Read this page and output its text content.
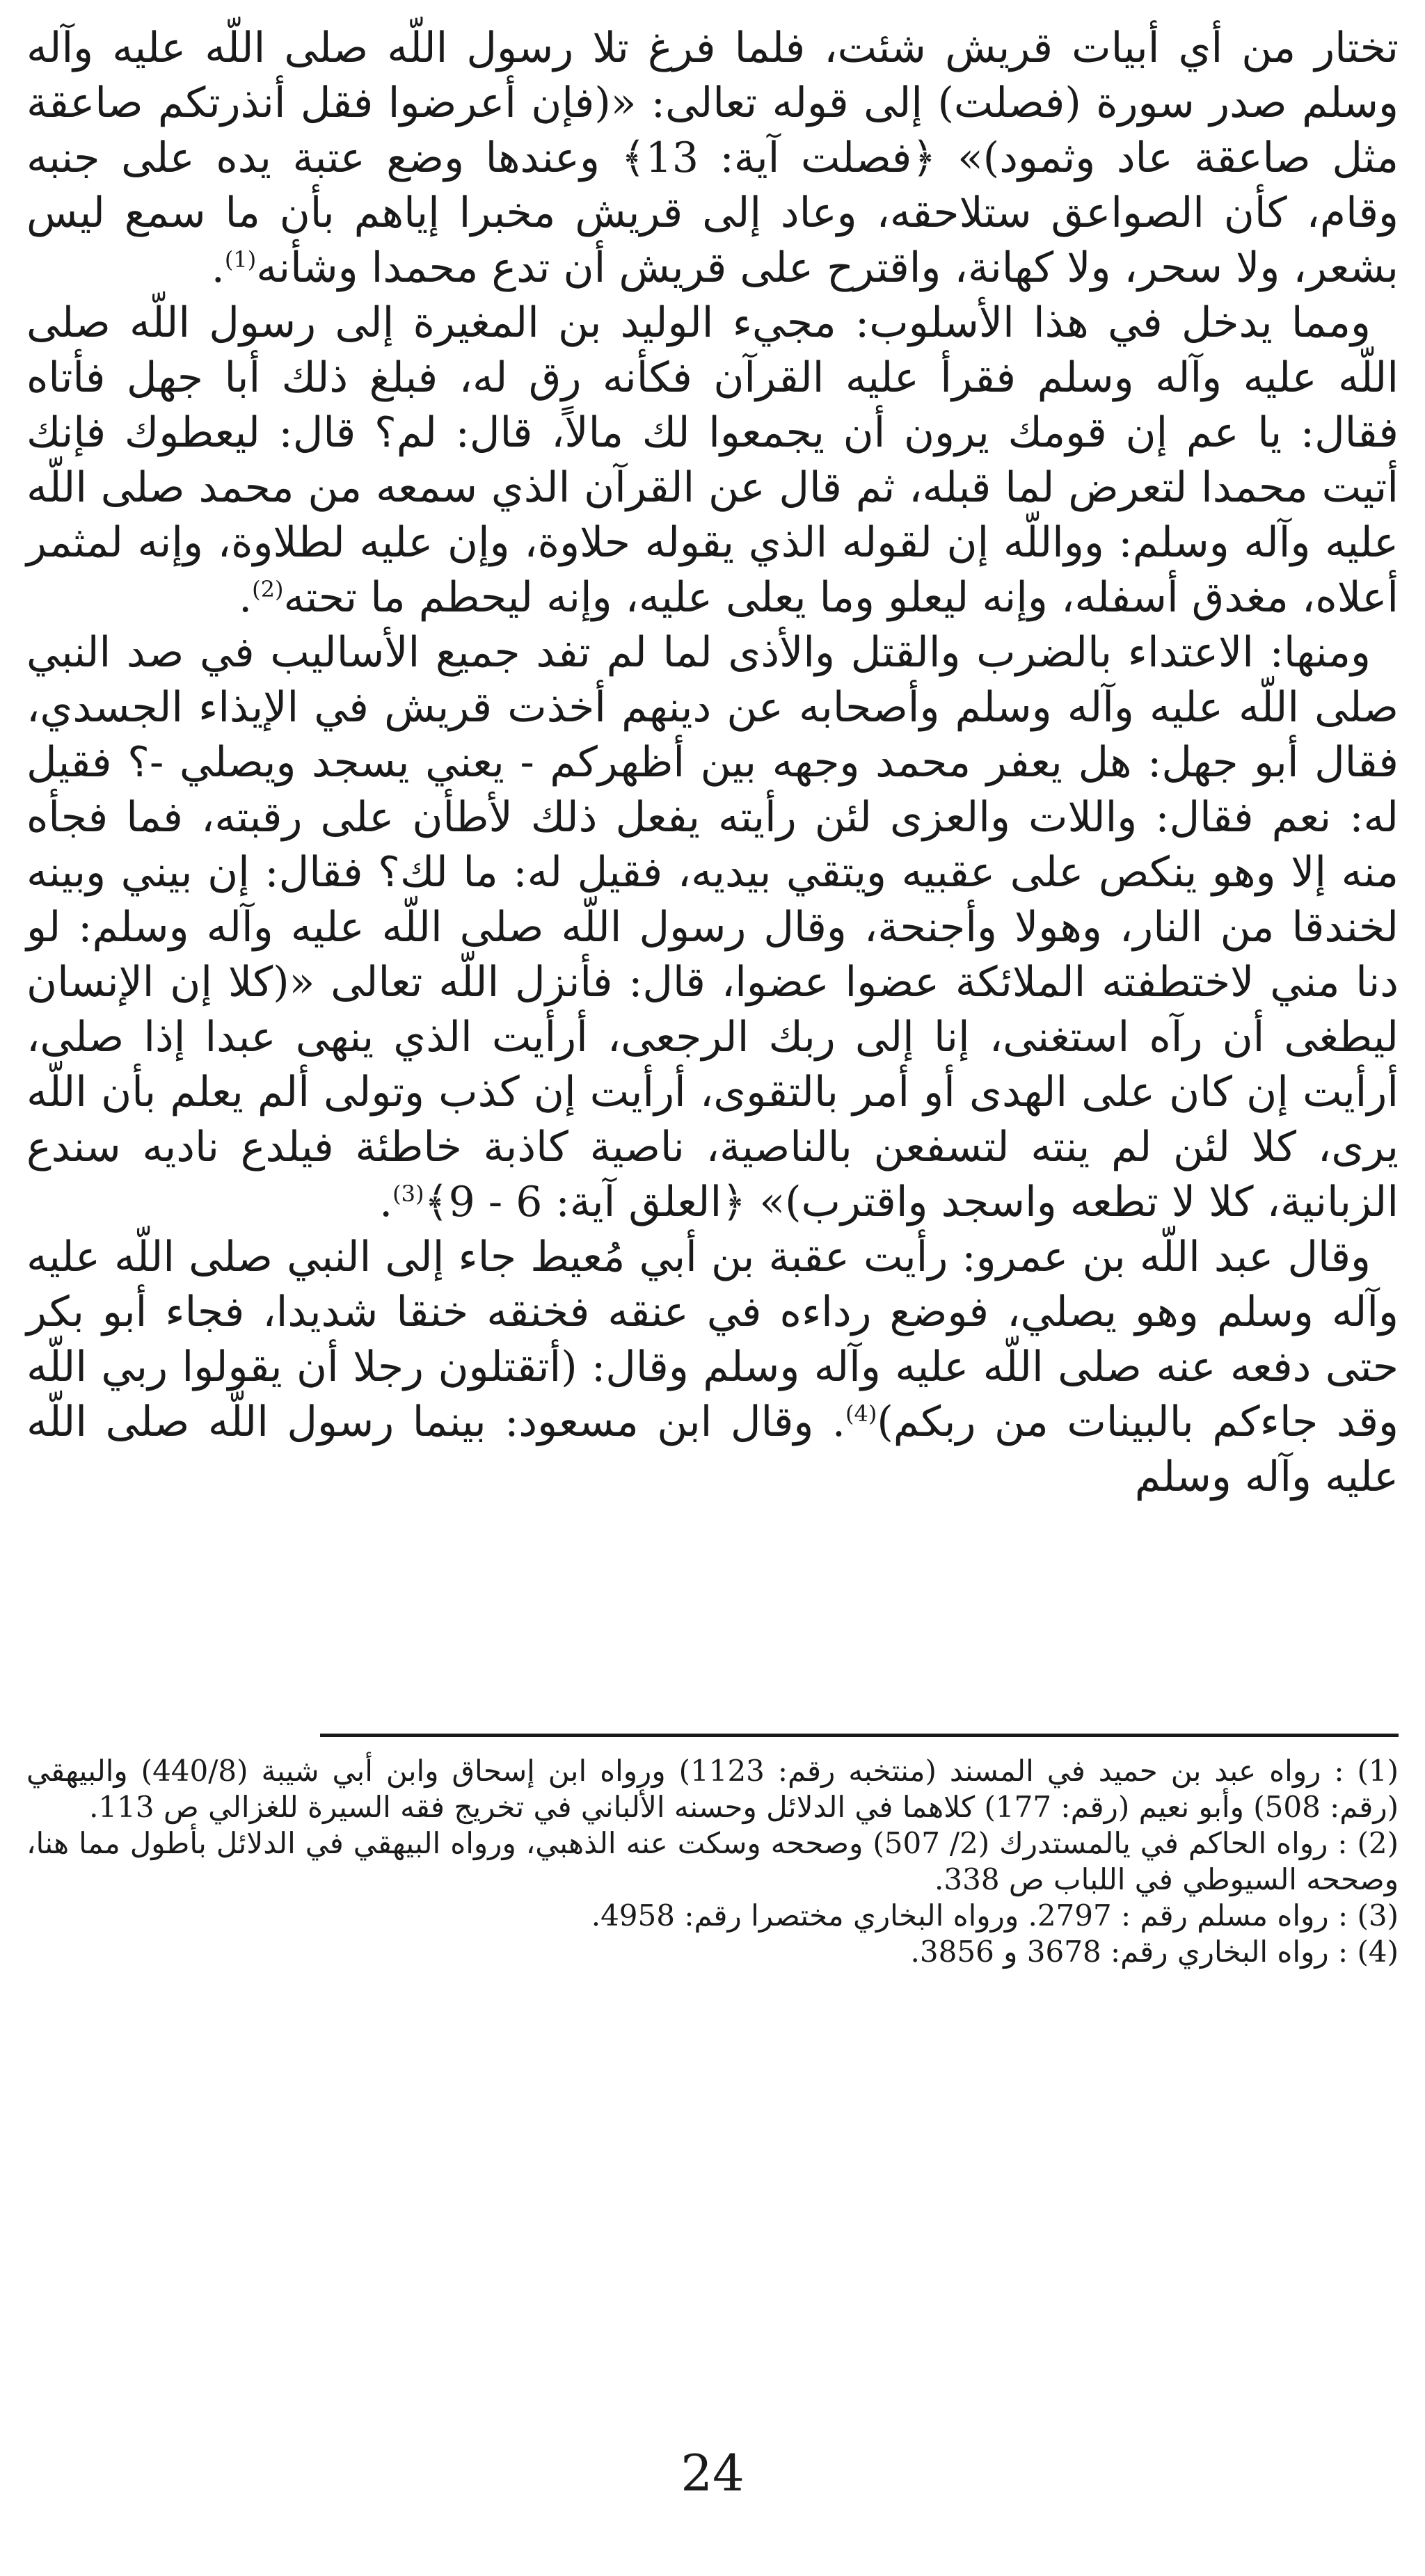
تختار من أي أبيات قريش شئت، فلما فرغ تلا رسول اللّه صلى اللّه عليه وآله وسلم صدر سورة (فصلت) إلى قوله تعالى: «(فإن أعرضوا فقل أنذرتكم صاعقة مثل صاعقة عاد وثمود)» ﴿فصلت آية: 13﴾ وعندها وضع عتبة يده على جنبه وقام، كأن الصواعق ستلاحقه، وعاد إلى قريش مخبرا إياهم بأن ما سمع ليس بشعر، ولا سحر، ولا كهانة، واقترح على قريش أن تدع محمدا وشأنه$^{(1)}$.

ومما يدخل في هذا الأسلوب: مجيء الوليد بن المغيرة إلى رسول اللّه صلى اللّه عليه وآله وسلم فقرأ عليه القرآن فكأنه رق له، فبلغ ذلك أبا جهل فأتاه فقال: يا عم إن قومك يرون أن يجمعوا لك مالاً، قال: لم؟ قال: ليعطوك فإنك أتيت محمدا لتعرض لما قبله، ثم قال عن القرآن الذي سمعه من محمد صلى اللّه عليه وآله وسلم: وواللّه إن لقوله الذي يقوله حلاوة، وإن عليه لطلاوة، وإنه لمثمر أعلاه، مغدق أسفله، وإنه ليعلو وما يعلى عليه، وإنه ليحطم ما تحته$^{(2)}$.

ومنها: الاعتداء بالضرب والقتل والأذى لما لم تفد جميع الأساليب في صد النبي صلى اللّه عليه وآله وسلم وأصحابه عن دينهم أخذت قريش في الإيذاء الجسدي، فقال أبو جهل: هل يعفر محمد وجهه بين أظهركم - يعني يسجد ويصلي -؟ فقيل له: نعم فقال: واللات والعزى لئن رأيته يفعل ذلك لأطأن على رقبته، فما فجأه منه إلا وهو ينكص على عقبيه ويتقي بيديه، فقيل له: ما لك؟ فقال: إن بيني وبينه لخندقا من النار، وهولا وأجنحة، وقال رسول اللّه صلى اللّه عليه وآله وسلم: لو دنا مني لاختطفته الملائكة عضوا عضوا، قال: فأنزل اللّه تعالى «(كلا إن الإنسان ليطغى أن رآه استغنى، إنا إلى ربك الرجعى، أرأيت الذي ينهى عبدا إذا صلى، أرأيت إن كان على الهدى أو أمر بالتقوى، أرأيت إن كذب وتولى ألم يعلم بأن اللّه يرى، كلا لئن لم ينته لتسفعن بالناصية، ناصية كاذبة خاطئة فيلدع ناديه سندع الزبانية، كلا لا تطعه واسجد واقترب)» ﴿العلق آية: 6 - 9﴾$^{(3)}$.

وقال عبد اللّه بن عمرو: رأيت عقبة بن أبي مُعيط جاء إلى النبي صلى اللّه عليه وآله وسلم وهو يصلي، فوضع رداءه في عنقه فخنقه خنقا شديدا، فجاء أبو بكر حتى دفعه عنه صلى اللّه عليه وآله وسلم وقال: (أتقتلون رجلا أن يقولوا ربي اللّه وقد جاءكم بالبينات من ربكم)$^{(4)}$. وقال ابن مسعود: بينما رسول اللّه صلى اللّه عليه وآله وسلم

(1) : رواه عبد بن حميد في المسند (منتخبه رقم: 1123) ورواه ابن إسحاق وابن أبي شيبة (440/8) والبيهقي (رقم: 508) وأبو نعيم (رقم: 177) كلاهما في الدلائل وحسنه الألباني في تخريج فقه السيرة للغزالي ص 113.

(2) : رواه الحاكم في يالمستدرك (2/ 507) وصححه وسكت عنه الذهبي، ورواه البيهقي في الدلائل بأطول مما هنا، وصححه السيوطي في اللباب ص 338.

(3) : رواه مسلم رقم : 2797. ورواه البخاري مختصرا رقم: 4958.

(4) : رواه البخاري رقم: 3678 و 3856.

24
